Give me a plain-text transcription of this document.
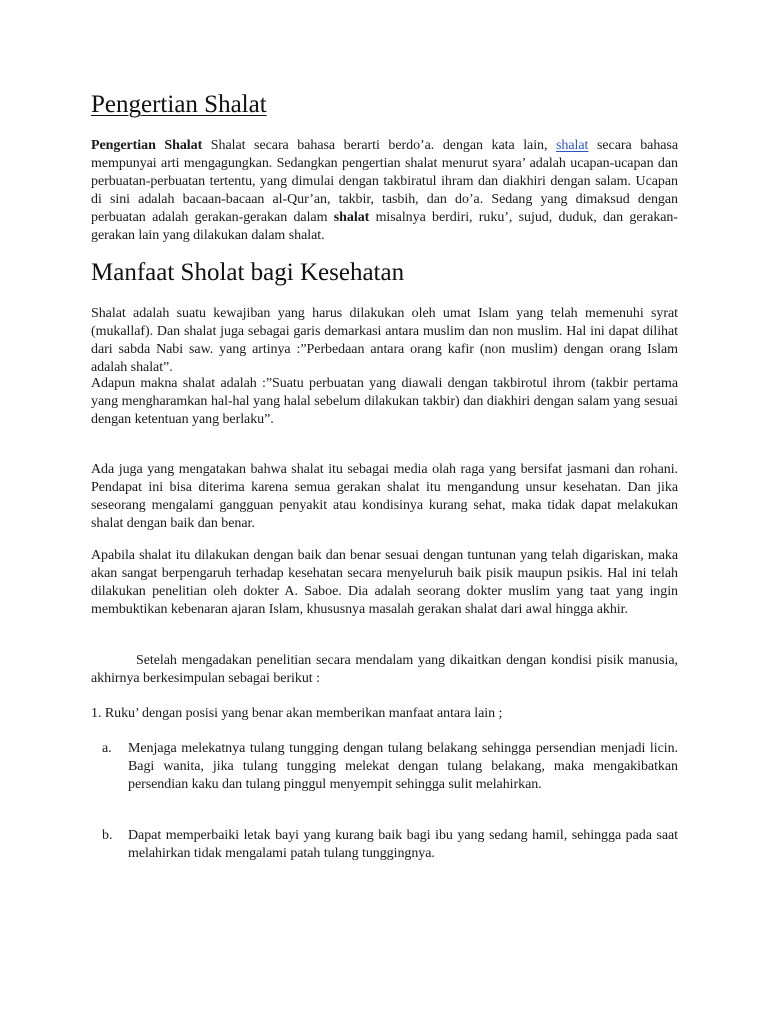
Pengertian Shalat

Pengertian Shalat Shalat secara bahasa berarti berdo’a. dengan kata lain, shalat secara bahasa mempunyai arti mengagungkan. Sedangkan pengertian shalat menurut syara’ adalah ucapan-ucapan dan perbuatan-perbuatan tertentu, yang dimulai dengan takbiratul ihram dan diakhiri dengan salam. Ucapan di sini adalah bacaan-bacaan al-Qur’an, takbir, tasbih, dan do’a. Sedang yang dimaksud dengan perbuatan adalah gerakan-gerakan dalam shalat misalnya berdiri, ruku’, sujud, duduk, dan gerakan-gerakan lain yang dilakukan dalam shalat.

Manfaat Sholat bagi Kesehatan

Shalat adalah suatu kewajiban yang harus dilakukan oleh umat Islam yang telah memenuhi syrat (mukallaf). Dan shalat juga sebagai garis demarkasi antara muslim dan non muslim. Hal ini dapat dilihat dari sabda Nabi saw. yang artinya :”Perbedaan antara orang kafir (non muslim) dengan orang Islam adalah shalat”.

Adapun makna shalat adalah :”Suatu perbuatan yang diawali dengan takbirotul ihrom (takbir pertama yang mengharamkan hal-hal yang halal sebelum dilakukan takbir) dan diakhiri dengan salam yang sesuai dengan ketentuan yang berlaku”.

Ada juga yang mengatakan bahwa shalat itu sebagai media olah raga yang bersifat jasmani dan rohani. Pendapat ini bisa diterima karena semua gerakan shalat itu mengandung unsur kesehatan. Dan jika seseorang mengalami gangguan penyakit atau kondisinya kurang sehat, maka tidak dapat melakukan shalat dengan baik dan benar.

Apabila shalat itu dilakukan dengan baik dan benar sesuai dengan tuntunan yang telah digariskan, maka akan sangat berpengaruh terhadap kesehatan secara menyeluruh baik pisik maupun psikis. Hal ini telah dilakukan penelitian oleh dokter A. Saboe. Dia adalah seorang dokter muslim yang taat yang ingin membuktikan kebenaran ajaran Islam, khususnya masalah gerakan shalat dari awal hingga akhir.

Setelah mengadakan penelitian secara mendalam yang dikaitkan dengan kondisi pisik manusia, akhirnya berkesimpulan sebagai berikut :

1. Ruku’ dengan posisi yang benar akan memberikan manfaat antara lain ;

a.	Menjaga melekatnya tulang tungging dengan tulang belakang sehingga persendian menjadi licin. Bagi wanita, jika tulang tungging melekat dengan tulang belakang, maka mengakibatkan persendian kaku dan tulang pinggul menyempit sehingga sulit melahirkan.

b.	Dapat memperbaiki letak bayi yang kurang baik bagi ibu yang sedang hamil, sehingga pada saat melahirkan tidak mengalami patah tulang tunggingnya.
